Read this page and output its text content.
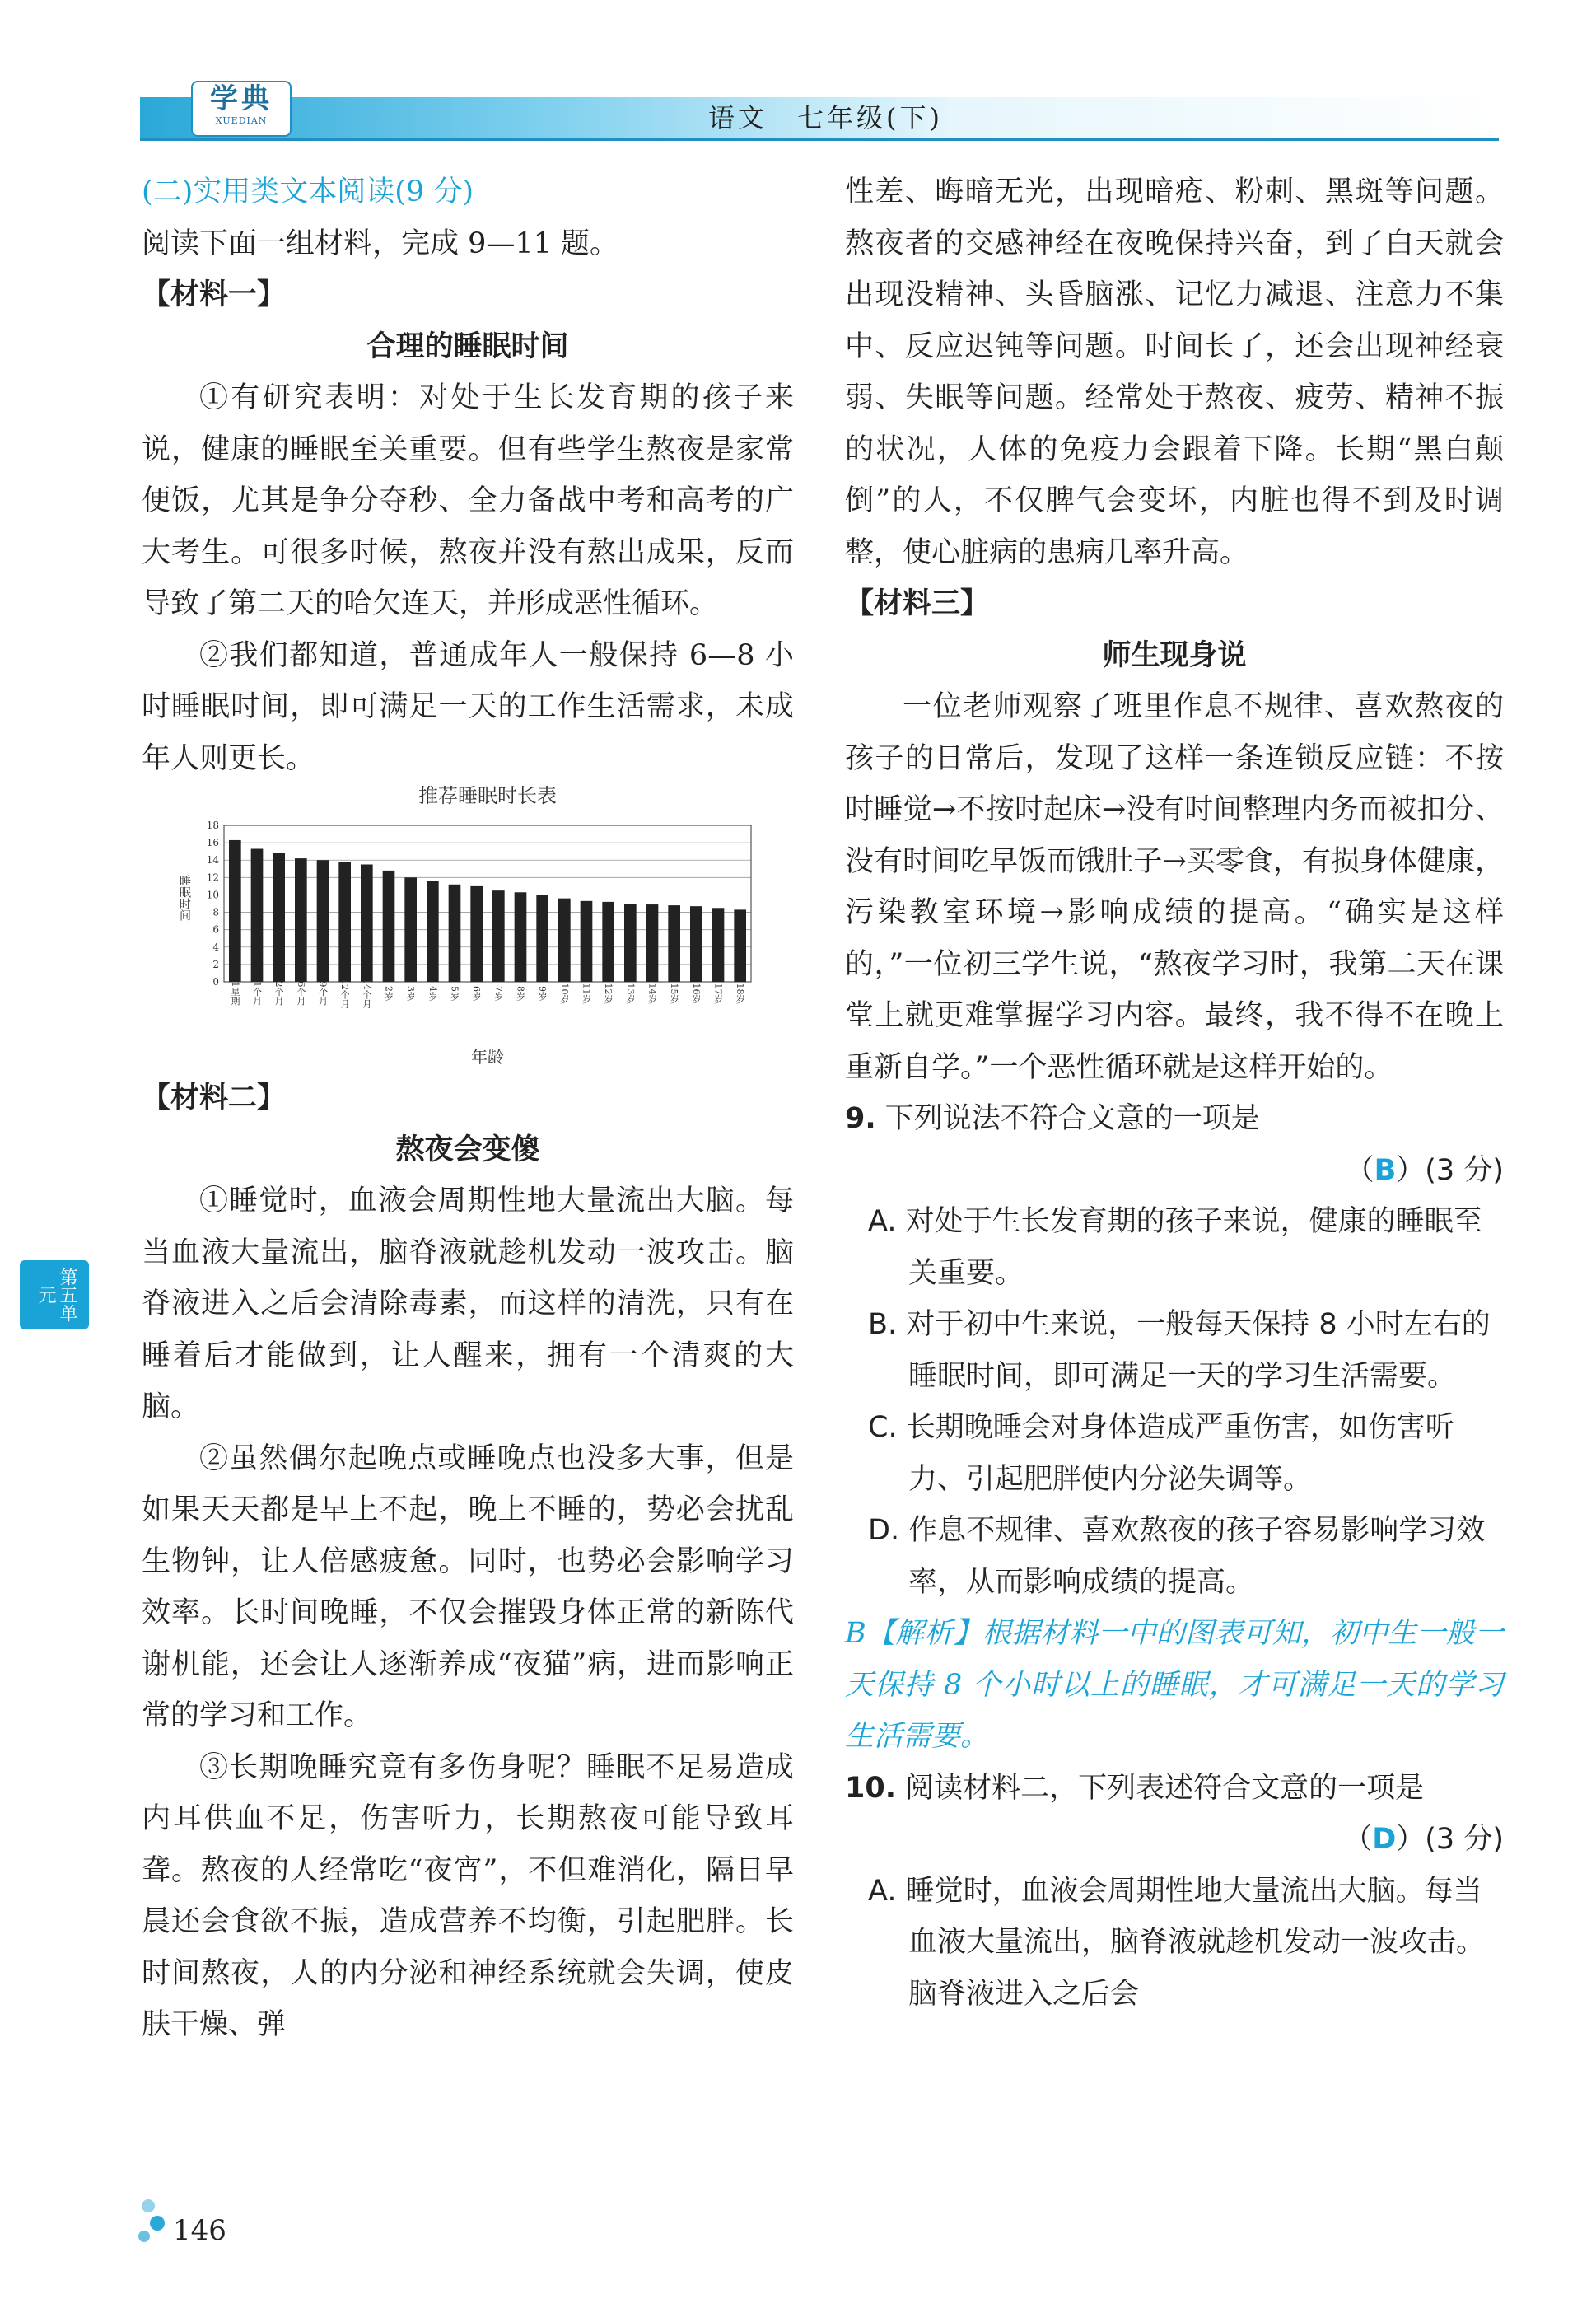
学典
XUEDIAN	语文　七年级(下)

(二)实用类文本阅读(9 分)

阅读下面一组材料，完成 9—11 题。

【材料一】

合理的睡眠时间

①有研究表明：对处于生长发育期的孩子来说，健康的睡眠至关重要。但有些学生熬夜是家常便饭，尤其是争分夺秒、全力备战中考和高考的广大考生。可很多时候，熬夜并没有熬出成果，反而导致了第二天的哈欠连天，并形成恶性循环。

②我们都知道，普通成年人一般保持 6—8 小时睡眠时间，即可满足一天的工作生活需求，未成年人则更长。

推荐睡眠时长表
0
2
4
6
8
10
12
14
16
18
睡眠时间
1星期 1个月 2个月 6个月 9个月 12个月 14个月 2岁 3岁 4岁 5岁 6岁 7岁 8岁 9岁 10岁 11岁 12岁 13岁 14岁 15岁 16岁 17岁 18岁
年龄

【材料二】

熬夜会变傻

①睡觉时，血液会周期性地大量流出大脑。每当血液大量流出，脑脊液就趁机发动一波攻击。脑脊液进入之后会清除毒素，而这样的清洗，只有在睡着后才能做到，让人醒来，拥有一个清爽的大脑。

②虽然偶尔起晚点或睡晚点也没多大事，但是如果天天都是早上不起，晚上不睡的，势必会扰乱生物钟，让人倍感疲惫。同时，也势必会影响学习效率。长时间晚睡，不仅会摧毁身体正常的新陈代谢机能，还会让人逐渐养成“夜猫”病，进而影响正常的学习和工作。

③长期晚睡究竟有多伤身呢？睡眠不足易造成内耳供血不足，伤害听力，长期熬夜可能导致耳聋。熬夜的人经常吃“夜宵”，不但难消化，隔日早晨还会食欲不振，造成营养不均衡，引起肥胖。长时间熬夜，人的内分泌和神经系统就会失调，使皮肤干燥、弹

性差、晦暗无光，出现暗疮、粉刺、黑斑等问题。熬夜者的交感神经在夜晚保持兴奋，到了白天就会出现没精神、头昏脑涨、记忆力减退、注意力不集中、反应迟钝等问题。时间长了，还会出现神经衰弱、失眠等问题。经常处于熬夜、疲劳、精神不振的状况，人体的免疫力会跟着下降。长期“黑白颠倒”的人，不仅脾气会变坏，内脏也得不到及时调整，使心脏病的患病几率升高。

【材料三】

师生现身说

一位老师观察了班里作息不规律、喜欢熬夜的孩子的日常后，发现了这样一条连锁反应链：不按时睡觉→不按时起床→没有时间整理内务而被扣分、没有时间吃早饭而饿肚子→买零食，有损身体健康，污染教室环境→影响成绩的提高。“确实是这样的，”一位初三学生说，“熬夜学习时，我第二天在课堂上就更难掌握学习内容。最终，我不得不在晚上重新自学。”一个恶性循环就是这样开始的。

9. 下列说法不符合文意的一项是

（B）(3 分)

A. 对处于生长发育期的孩子来说，健康的睡眠至关重要。

B. 对于初中生来说，一般每天保持 8 小时左右的睡眠时间，即可满足一天的学习生活需要。

C. 长期晚睡会对身体造成严重伤害，如伤害听力、引起肥胖使内分泌失调等。

D. 作息不规律、喜欢熬夜的孩子容易影响学习效率，从而影响成绩的提高。

B【解析】根据材料一中的图表可知，初中生一般一天保持 8 个小时以上的睡眠，才可满足一天的学习生活需要。

10. 阅读材料二，下列表述符合文意的一项是

（D）(3 分)

A. 睡觉时，血液会周期性地大量流出大脑。每当血液大量流出，脑脊液就趁机发动一波攻击。脑脊液进入之后会

第五单元
146
